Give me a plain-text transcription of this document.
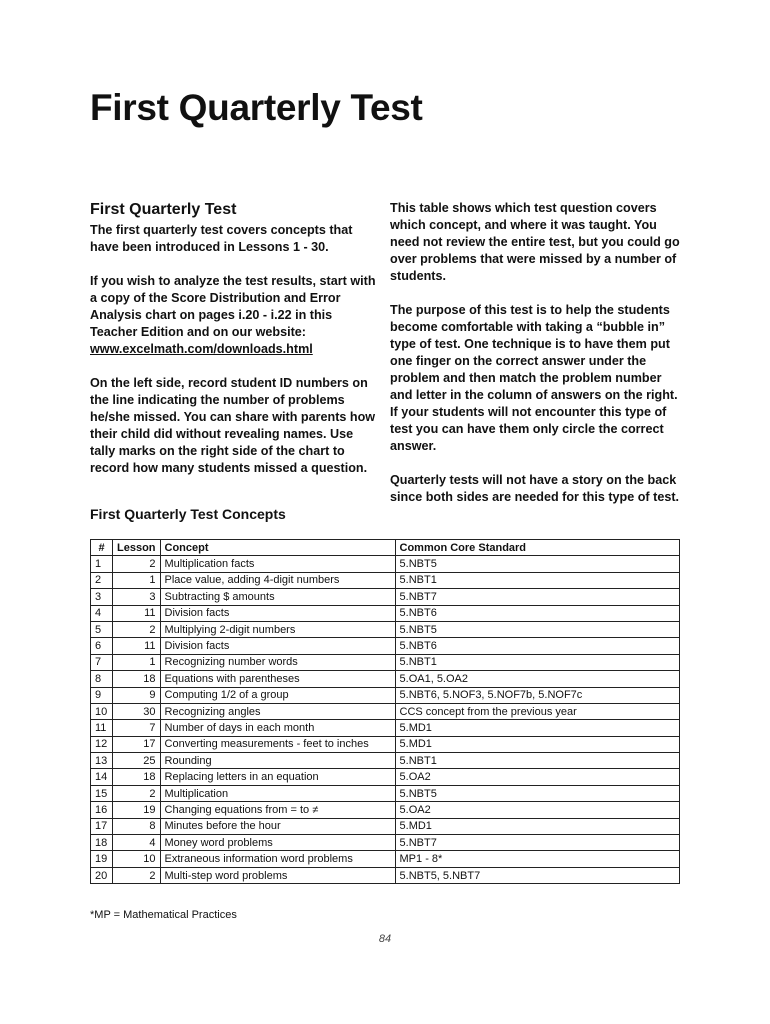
First Quarterly Test
First Quarterly Test

The first quarterly test covers concepts that have been introduced in Lessons 1 - 30.

If you wish to analyze the test results, start with a copy of the Score Distribution and Error Analysis chart on pages i.20 - i.22 in this Teacher Edition and on our website:
www.excelmath.com/downloads.html

On the left side, record student ID numbers on the line indicating the number of problems he/she missed. You can share with parents how their child did without revealing names. Use tally marks on the right side of the chart to record how many students missed a question.

First Quarterly Test Concepts

This table shows which test question covers which concept, and where it was taught. You need not review the entire test, but you could go over problems that were missed by a number of students.

The purpose of this test is to help the students become comfortable with taking a “bubble in” type of test. One technique is to have them put one finger on the correct answer under the problem and then match the problem number and letter in the column of answers on the right. If your students will not encounter this type of test you can have them only circle the correct answer.

Quarterly tests will not have a story on the back since both sides are needed for this type of test.

#	Lesson	Concept	Common Core Standard
1	2	Multiplication facts	5.NBT5
2	1	Place value, adding 4-digit numbers	5.NBT1
3	3	Subtracting $ amounts	5.NBT7
4	11	Division facts	5.NBT6
5	2	Multiplying 2-digit numbers	5.NBT5
6	11	Division facts	5.NBT6
7	1	Recognizing number words	5.NBT1
8	18	Equations with parentheses	5.OA1, 5.OA2
9	9	Computing 1/2 of a group	5.NBT6, 5.NOF3, 5.NOF7b, 5.NOF7c
10	30	Recognizing angles	CCS concept from the previous year
11	7	Number of days in each month	5.MD1
12	17	Converting measurements - feet to inches	5.MD1
13	25	Rounding	5.NBT1
14	18	Replacing letters in an equation	5.OA2
15	2	Multiplication	5.NBT5
16	19	Changing equations from = to ≠	5.OA2
17	8	Minutes before the hour	5.MD1
18	4	Money word problems	5.NBT7
19	10	Extraneous information word problems	MP1 - 8*
20	2	Multi-step word problems	5.NBT5, 5.NBT7
*MP = Mathematical Practices
84
